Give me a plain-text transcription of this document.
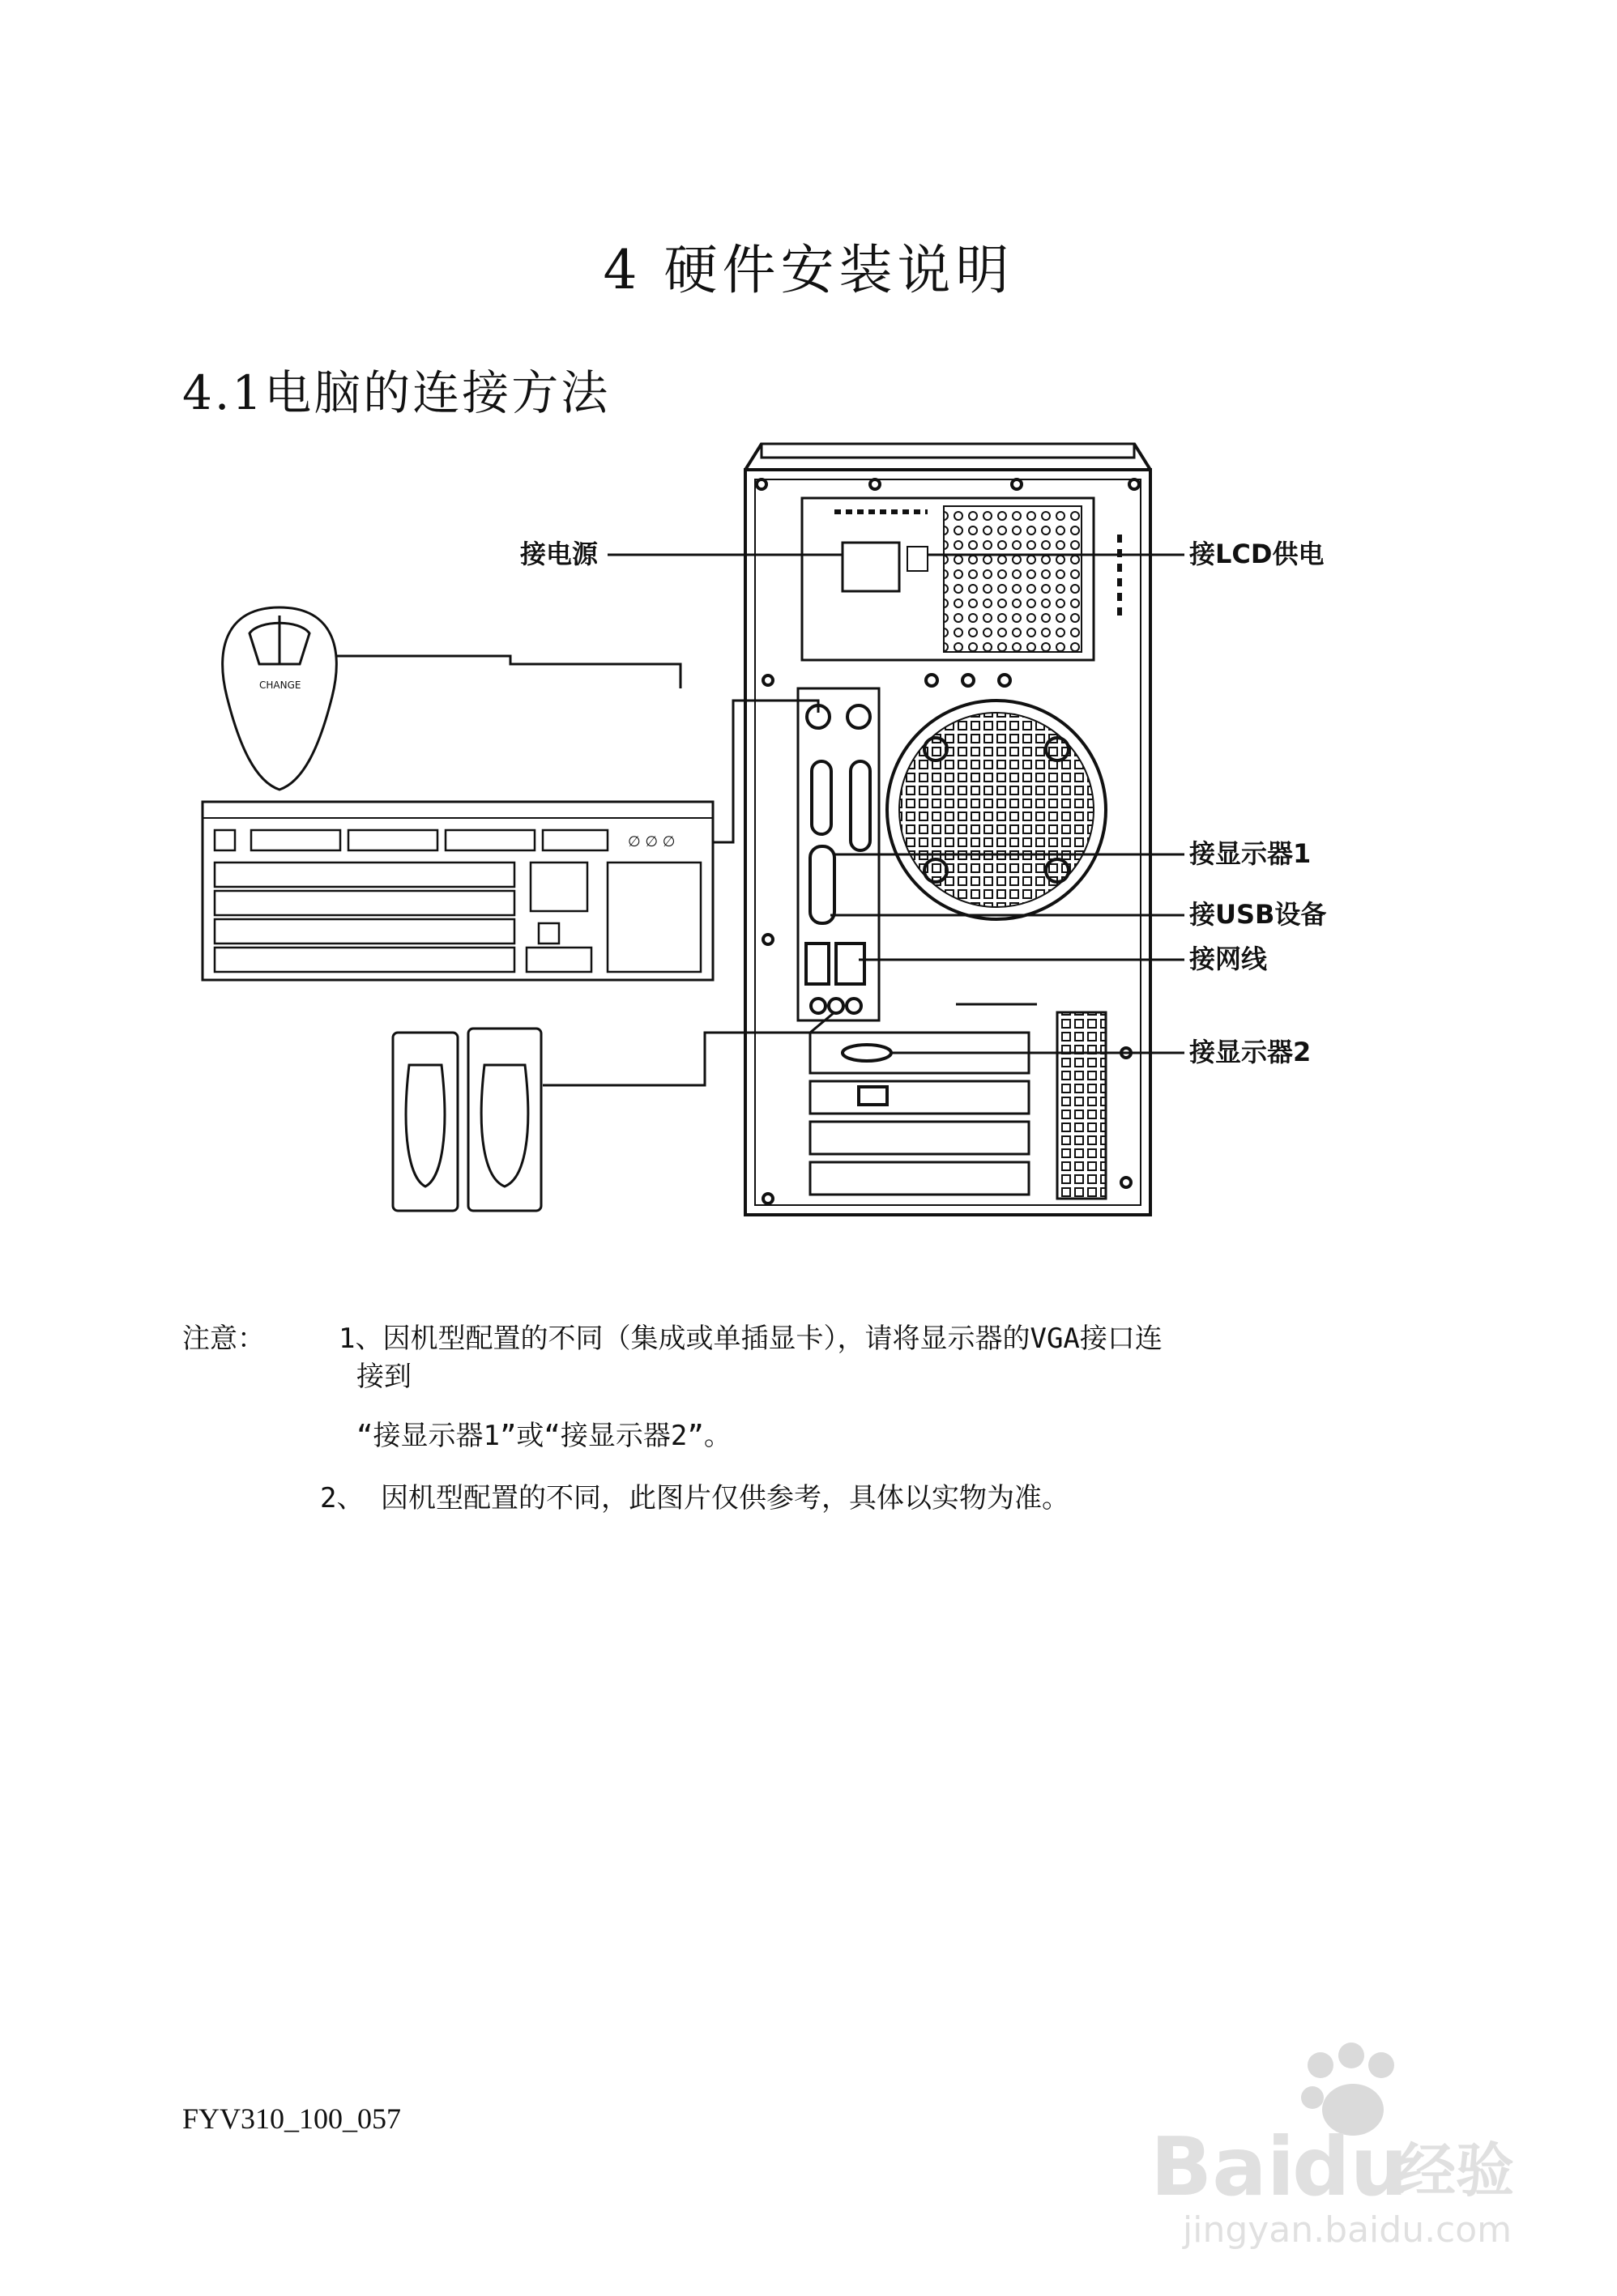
4 硬件安装说明
4.1电脑的连接方法
CHANGE
∅ ∅ ∅
接电源	接LCD供电
接显示器1
接USB设备
接网线
接显示器2
注意：	1、因机型配置的不同（集成或单插显卡），请将显示器的VGA接口连
接到
“接显示器1”或“接显示器2”。
2、 因机型配置的不同，此图片仅供参考，具体以实物为准。
FYV310_100_057
Bai
du
经验
jingyan.baidu.com
